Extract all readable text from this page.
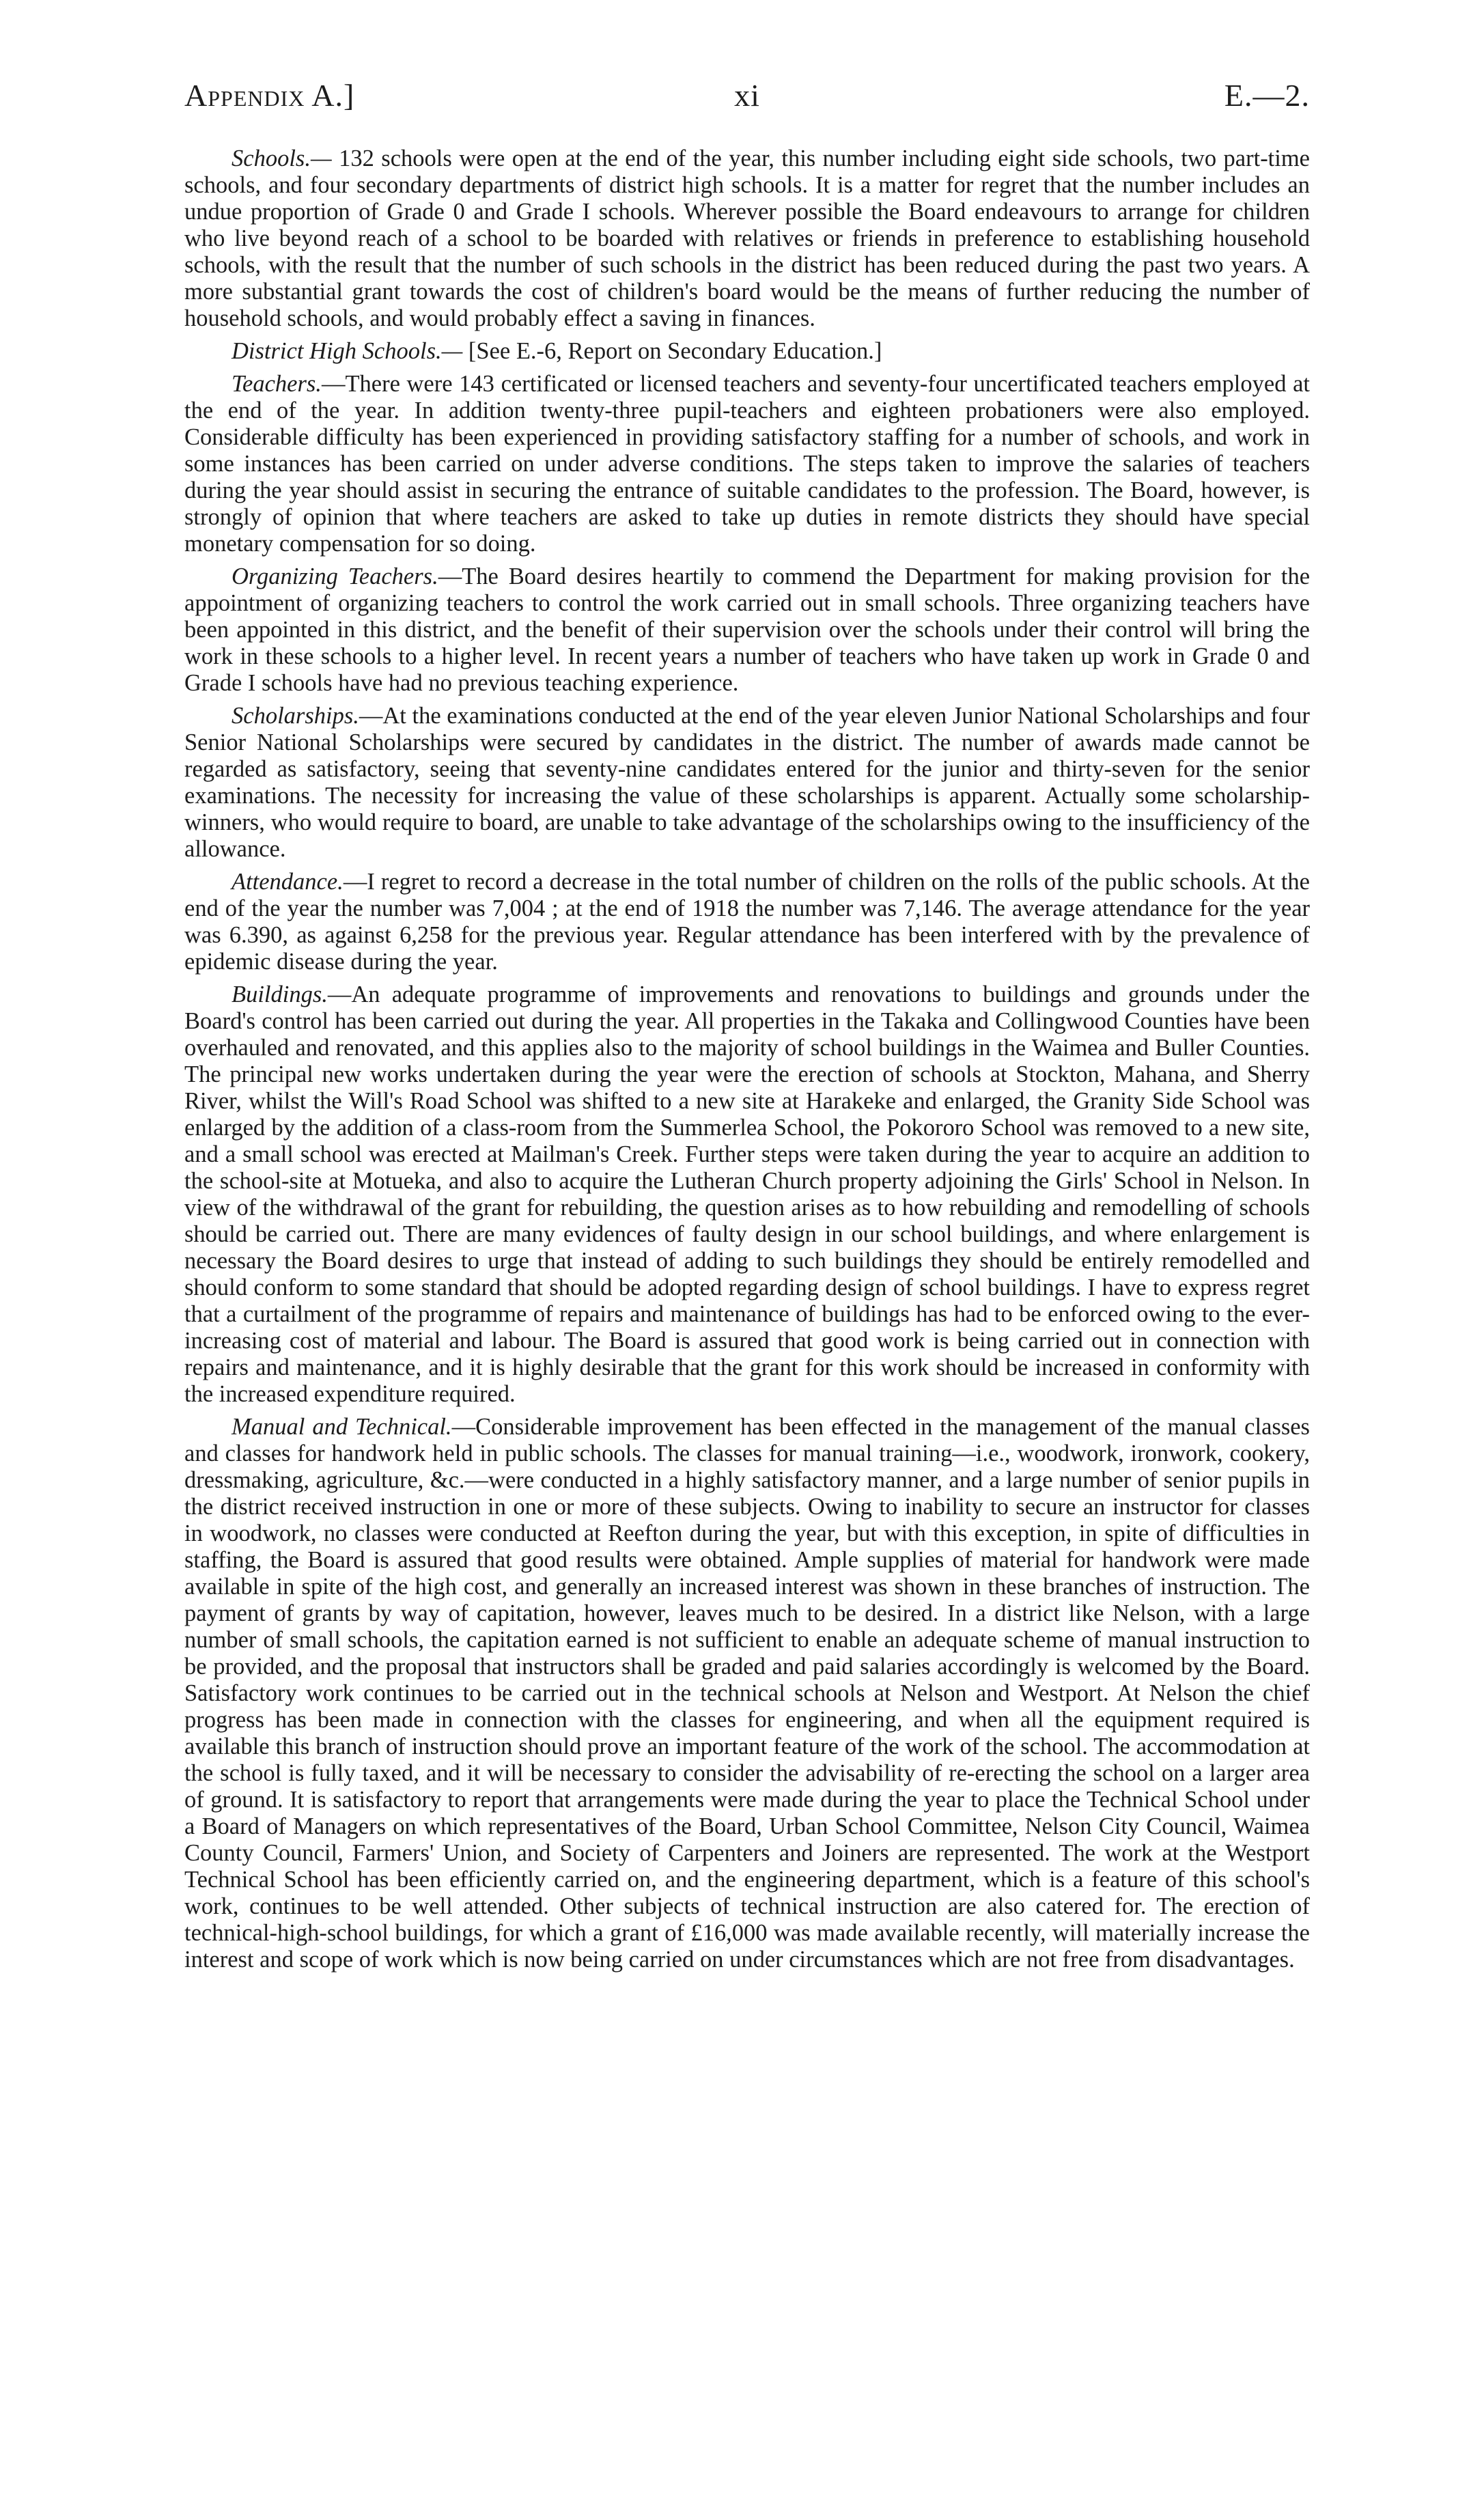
Appendix A.]	xi	E.—2.

Schools.— 132 schools were open at the end of the year, this number including eight side schools, two part-time schools, and four secondary departments of district high schools. It is a matter for regret that the number includes an undue proportion of Grade 0 and Grade I schools. Wherever possible the Board endeavours to arrange for children who live beyond reach of a school to be boarded with relatives or friends in preference to establishing household schools, with the result that the number of such schools in the district has been reduced during the past two years. A more substantial grant towards the cost of children's board would be the means of further reducing the number of household schools, and would probably effect a saving in finances.

District High Schools.— [See E.-6, Report on Secondary Education.]

Teachers.—There were 143 certificated or licensed teachers and seventy-four uncertificated teachers employed at the end of the year. In addition twenty-three pupil-teachers and eighteen probationers were also employed. Considerable difficulty has been experienced in providing satisfactory staffing for a number of schools, and work in some instances has been carried on under adverse conditions. The steps taken to improve the salaries of teachers during the year should assist in securing the entrance of suitable candidates to the profession. The Board, however, is strongly of opinion that where teachers are asked to take up duties in remote districts they should have special monetary compensation for so doing.

Organizing Teachers.—The Board desires heartily to commend the Department for making provision for the appointment of organizing teachers to control the work carried out in small schools. Three organizing teachers have been appointed in this district, and the benefit of their supervision over the schools under their control will bring the work in these schools to a higher level. In recent years a number of teachers who have taken up work in Grade 0 and Grade I schools have had no previous teaching experience.

Scholarships.—At the examinations conducted at the end of the year eleven Junior National Scholarships and four Senior National Scholarships were secured by candidates in the district. The number of awards made cannot be regarded as satisfactory, seeing that seventy-nine candidates entered for the junior and thirty-seven for the senior examinations. The necessity for increasing the value of these scholarships is apparent. Actually some scholarship-winners, who would require to board, are unable to take advantage of the scholarships owing to the insufficiency of the allowance.

Attendance.—I regret to record a decrease in the total number of children on the rolls of the public schools. At the end of the year the number was 7,004 ; at the end of 1918 the number was 7,146. The average attendance for the year was 6.390, as against 6,258 for the previous year. Regular attendance has been interfered with by the prevalence of epidemic disease during the year.

Buildings.—An adequate programme of improvements and renovations to buildings and grounds under the Board's control has been carried out during the year. All properties in the Takaka and Collingwood Counties have been overhauled and renovated, and this applies also to the majority of school buildings in the Waimea and Buller Counties. The principal new works undertaken during the year were the erection of schools at Stockton, Mahana, and Sherry River, whilst the Will's Road School was shifted to a new site at Harakeke and enlarged, the Granity Side School was enlarged by the addition of a class-room from the Summerlea School, the Pokororo School was removed to a new site, and a small school was erected at Mailman's Creek. Further steps were taken during the year to acquire an addition to the school-site at Motueka, and also to acquire the Lutheran Church property adjoining the Girls' School in Nelson. In view of the withdrawal of the grant for rebuilding, the question arises as to how rebuilding and remodelling of schools should be carried out. There are many evidences of faulty design in our school buildings, and where enlargement is necessary the Board desires to urge that instead of adding to such buildings they should be entirely remodelled and should conform to some standard that should be adopted regarding design of school buildings. I have to express regret that a curtailment of the programme of repairs and maintenance of buildings has had to be enforced owing to the ever-increasing cost of material and labour. The Board is assured that good work is being carried out in connection with repairs and maintenance, and it is highly desirable that the grant for this work should be increased in conformity with the increased expenditure required.

Manual and Technical.—Considerable improvement has been effected in the management of the manual classes and classes for handwork held in public schools. The classes for manual training—i.e., woodwork, ironwork, cookery, dressmaking, agriculture, &c.—were conducted in a highly satisfactory manner, and a large number of senior pupils in the district received instruction in one or more of these subjects. Owing to inability to secure an instructor for classes in woodwork, no classes were conducted at Reefton during the year, but with this exception, in spite of difficulties in staffing, the Board is assured that good results were obtained. Ample supplies of material for handwork were made available in spite of the high cost, and generally an increased interest was shown in these branches of instruction. The payment of grants by way of capitation, however, leaves much to be desired. In a district like Nelson, with a large number of small schools, the capitation earned is not sufficient to enable an adequate scheme of manual instruction to be provided, and the proposal that instructors shall be graded and paid salaries accordingly is welcomed by the Board. Satisfactory work continues to be carried out in the technical schools at Nelson and Westport. At Nelson the chief progress has been made in connection with the classes for engineering, and when all the equipment required is available this branch of instruction should prove an important feature of the work of the school. The accommodation at the school is fully taxed, and it will be necessary to consider the advisability of re-erecting the school on a larger area of ground. It is satisfactory to report that arrangements were made during the year to place the Technical School under a Board of Managers on which representatives of the Board, Urban School Committee, Nelson City Council, Waimea County Council, Farmers' Union, and Society of Carpenters and Joiners are represented. The work at the Westport Technical School has been efficiently carried on, and the engineering department, which is a feature of this school's work, continues to be well attended. Other subjects of technical instruction are also catered for. The erection of technical-high-school buildings, for which a grant of £16,000 was made available recently, will materially increase the interest and scope of work which is now being carried on under circumstances which are not free from disadvantages.
